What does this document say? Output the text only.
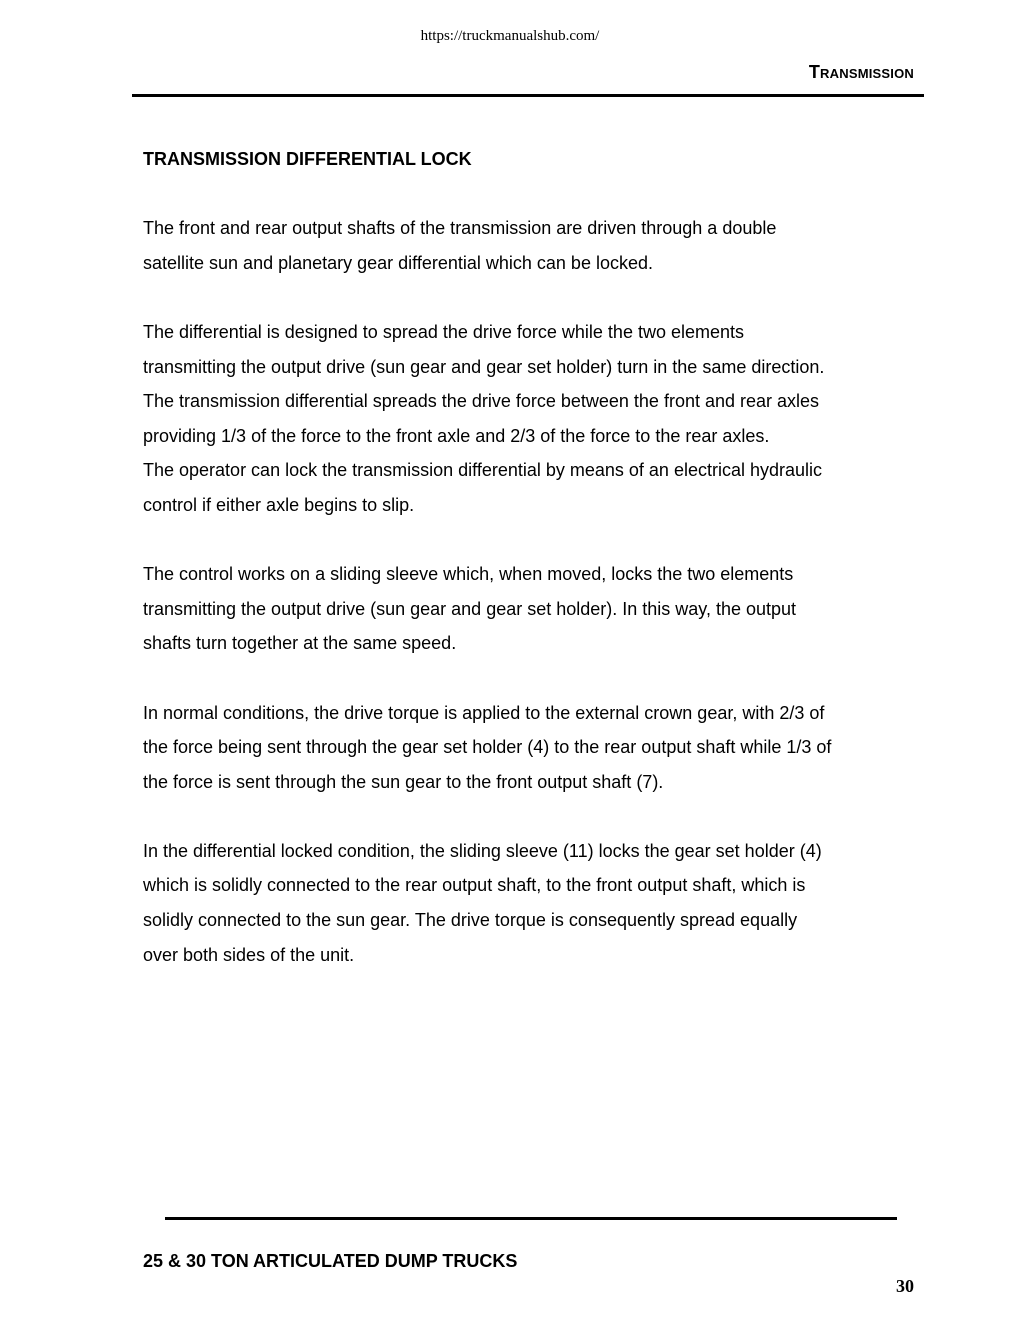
https://truckmanualshub.com/
Transmission
TRANSMISSION DIFFERENTIAL LOCK
The front and rear output shafts of the transmission are driven through a double
satellite sun and planetary gear differential which can be locked.
The differential is designed to spread the drive force while the two elements
transmitting the output drive (sun gear and gear set holder) turn in the same direction.
The transmission differential spreads the drive force between the front and rear axles
providing 1/3 of the force to the front axle and 2/3 of the force to the rear axles.
The operator can lock the transmission differential by means of an electrical hydraulic
control if either axle begins to slip.
The control works on a sliding sleeve which, when moved, locks the two elements
transmitting the output drive (sun gear and gear set holder). In this way, the output
shafts turn together at the same speed.
In normal conditions, the drive torque is applied to the external crown gear, with 2/3 of
the force being sent through the gear set holder (4) to the rear output shaft while 1/3 of
the force is sent through the sun gear to the front output shaft (7).
In the differential locked condition, the sliding sleeve (11) locks the gear set holder (4)
which is solidly connected to the rear output shaft, to the front output shaft, which is
solidly connected to the sun gear. The drive torque is consequently spread equally
over both sides of the unit.
25 & 30 TON ARTICULATED DUMP TRUCKS
30
